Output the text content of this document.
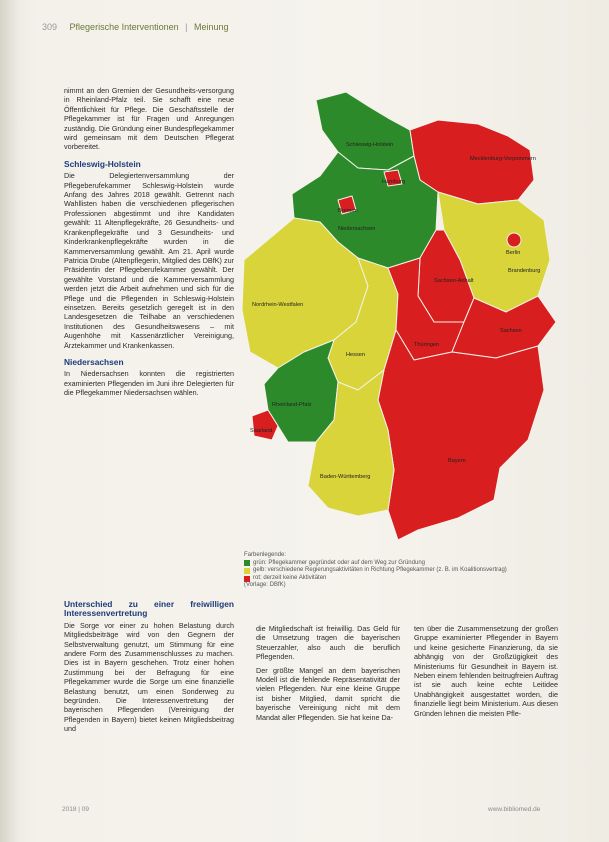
309 Pflegerische Interventionen | Meinung

nimmt an den Gremien der Gesundheits-versorgung in Rheinland-Pfalz teil. Sie schafft eine neue Öffentlichkeit für Pflege. Die Geschäftsstelle der Pflegekammer ist für Fragen und Anregungen zuständig. Die Gründung einer Bundespflegekammer wird gemeinsam mit dem Deutschen Pflegerat vorbereitet.

Schleswig-Holstein

Die Delegiertenversammlung der Pflegeberufekammer Schleswig-Holstein wurde Anfang des Jahres 2018 gewählt. Getrennt nach Wahllisten haben die verschiedenen pflegerischen Professionen abgestimmt und ihre Kandidaten gewählt: 11 Altenpflegekräfte, 26 Gesundheits- und Krankenpflegekräfte und 3 Gesundheits- und Kinderkrankenpflegekräfte wurden in die Kammerversammlung gewählt. Am 21. April wurde Patricia Drube (Altenpflegerin, Mitglied des DBfK) zur Präsidentin der Pflegeberufekammer gewählt. Der gewählte Vorstand und die Kammerversammlung werden jetzt die Arbeit aufnehmen und sich für die Pflege und die Pflegenden in Schleswig-Holstein einsetzen. Bereits gesetzlich geregelt ist in den Landesgesetzen die Teilhabe an verschiedenen Institutionen des Gesundheitswesens – mit Augenhöhe mit Kassenärztlicher Vereinigung, Ärztekammer und Krankenkassen.

Niedersachsen

In Niedersachsen konnten die registrierten examinierten Pflegenden im Juni ihre Delegierten für die Pflegekammer Niedersachsen wählen.

Schleswig-Holstein
Mecklenburg-Vorpommern
Bremen
Hamburg
Niedersachsen
Berlin
Brandenburg
Sachsen-Anhalt
Nordrhein-Westfalen
Hessen
Thüringen
Sachsen
Rheinland-Pfalz
Saarland
Baden-Württemberg
Bayern
Farbenlegende:
grün: Pflegekammer gegründet oder auf dem Weg zur Gründung
gelb: verschiedene Regierungsaktivitäten in Richtung Pflegekammer (z. B. im Koalitionsvertrag)
rot: derzeit keine Aktivitäten
(Vorlage: DBfK)
Unterschied zu einer freiwilligen Interessenvertretung

Die Sorge vor einer zu hohen Belastung durch Mitgliedsbeiträge wird von den Gegnern der Selbstverwaltung genutzt, um Stimmung für eine andere Form des Zusammenschlusses zu machen. Dies ist in Bayern geschehen. Trotz einer hohen Zustimmung bei der Befragung für eine Pflegekammer wurde die Sorge um eine finanzielle Belastung benutzt, um einen Sonderweg zu begründen. Die Interessenvertretung der bayerischen Pflegenden (Vereinigung der Pflegenden in Bayern) bietet keinen Mitgliedsbeitrag und

die Mitgliedschaft ist freiwillig. Das Geld für die Umsetzung tragen die bayerischen Steuerzahler, also auch die beruflich Pflegenden.

Der größte Mangel an dem bayerischen Modell ist die fehlende Repräsentativität der vielen Pflegenden. Nur eine kleine Gruppe ist bisher Mitglied, damit spricht die bayerische Vereinigung nicht mit dem Mandat aller Pflegenden. Sie hat keine Da-

ten über die Zusammensetzung der großen Gruppe examinierter Pflegender in Bayern und keine gesicherte Finanzierung, da sie abhängig von der Großzügigkeit des Ministeriums für Gesundheit in Bayern ist. Neben einem fehlenden beitrugfreien Auftrag ist sie auch keine echte Leitidee Unabhängigkeit ausgestattet worden, die finanzielle liegt beim Ministerium. Aus diesen Gründen lehnen die meisten Pfle-

2018 | 09	www.bibliomed.de
